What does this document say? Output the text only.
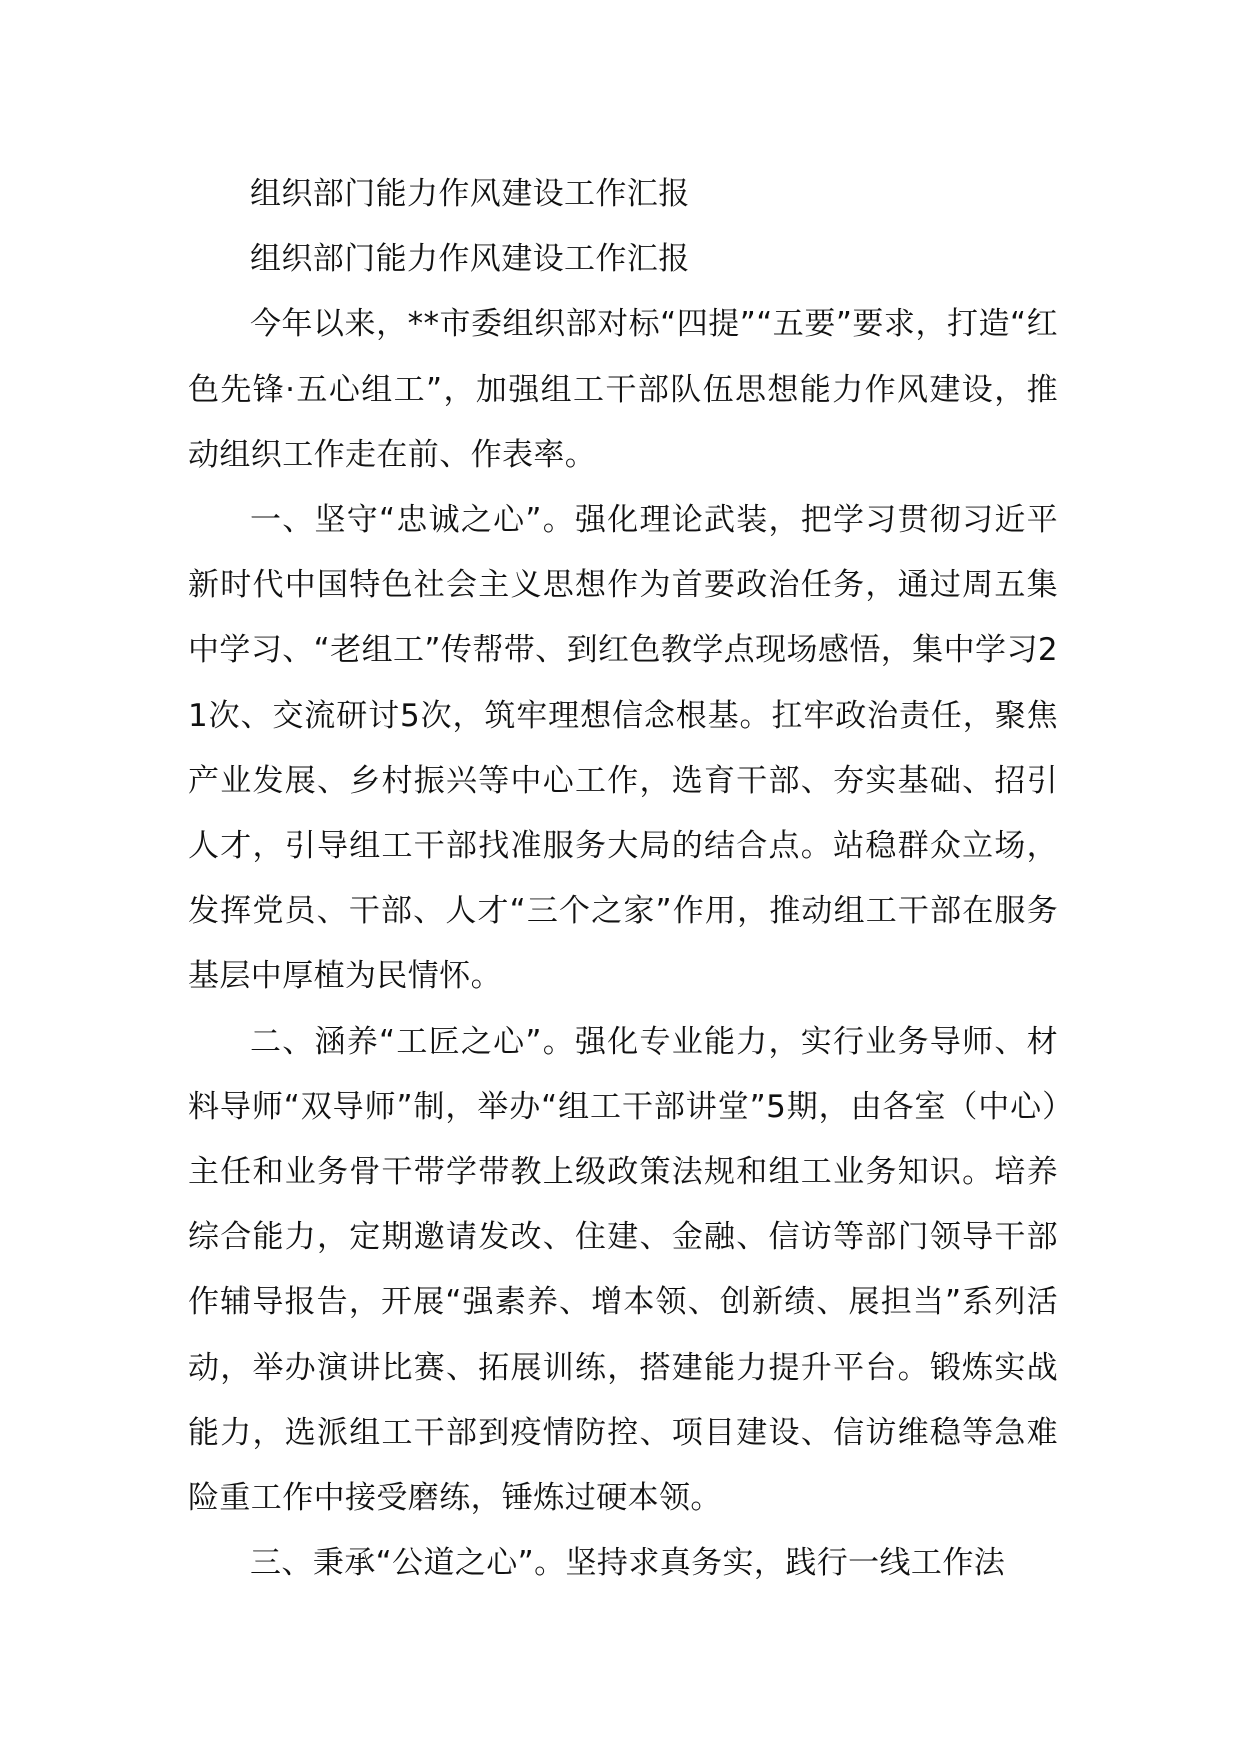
组织部门能力作风建设工作汇报

组织部门能力作风建设工作汇报

今年以来，**市委组织部对标“四提”“五要”要求，打造“红色先锋·五心组工”，加强组工干部队伍思想能力作风建设，推动组织工作走在前、作表率。

一、坚守“忠诚之心”。强化理论武装，把学习贯彻习近平新时代中国特色社会主义思想作为首要政治任务，通过周五集中学习、“老组工”传帮带、到红色教学点现场感悟，集中学习21次、交流研讨5次，筑牢理想信念根基。扛牢政治责任，聚焦产业发展、乡村振兴等中心工作，选育干部、夯实基础、招引人才，引导组工干部找准服务大局的结合点。站稳群众立场，发挥党员、干部、人才“三个之家”作用，推动组工干部在服务基层中厚植为民情怀。

二、涵养“工匠之心”。强化专业能力，实行业务导师、材料导师“双导师”制，举办“组工干部讲堂”5期，由各室（中心）主任和业务骨干带学带教上级政策法规和组工业务知识。培养综合能力，定期邀请发改、住建、金融、信访等部门领导干部作辅导报告，开展“强素养、增本领、创新绩、展担当”系列活动，举办演讲比赛、拓展训练，搭建能力提升平台。锻炼实战能力，选派组工干部到疫情防控、项目建设、信访维稳等急难险重工作中接受磨练，锤炼过硬本领。

三、秉承“公道之心”。坚持求真务实，践行一线工作法
